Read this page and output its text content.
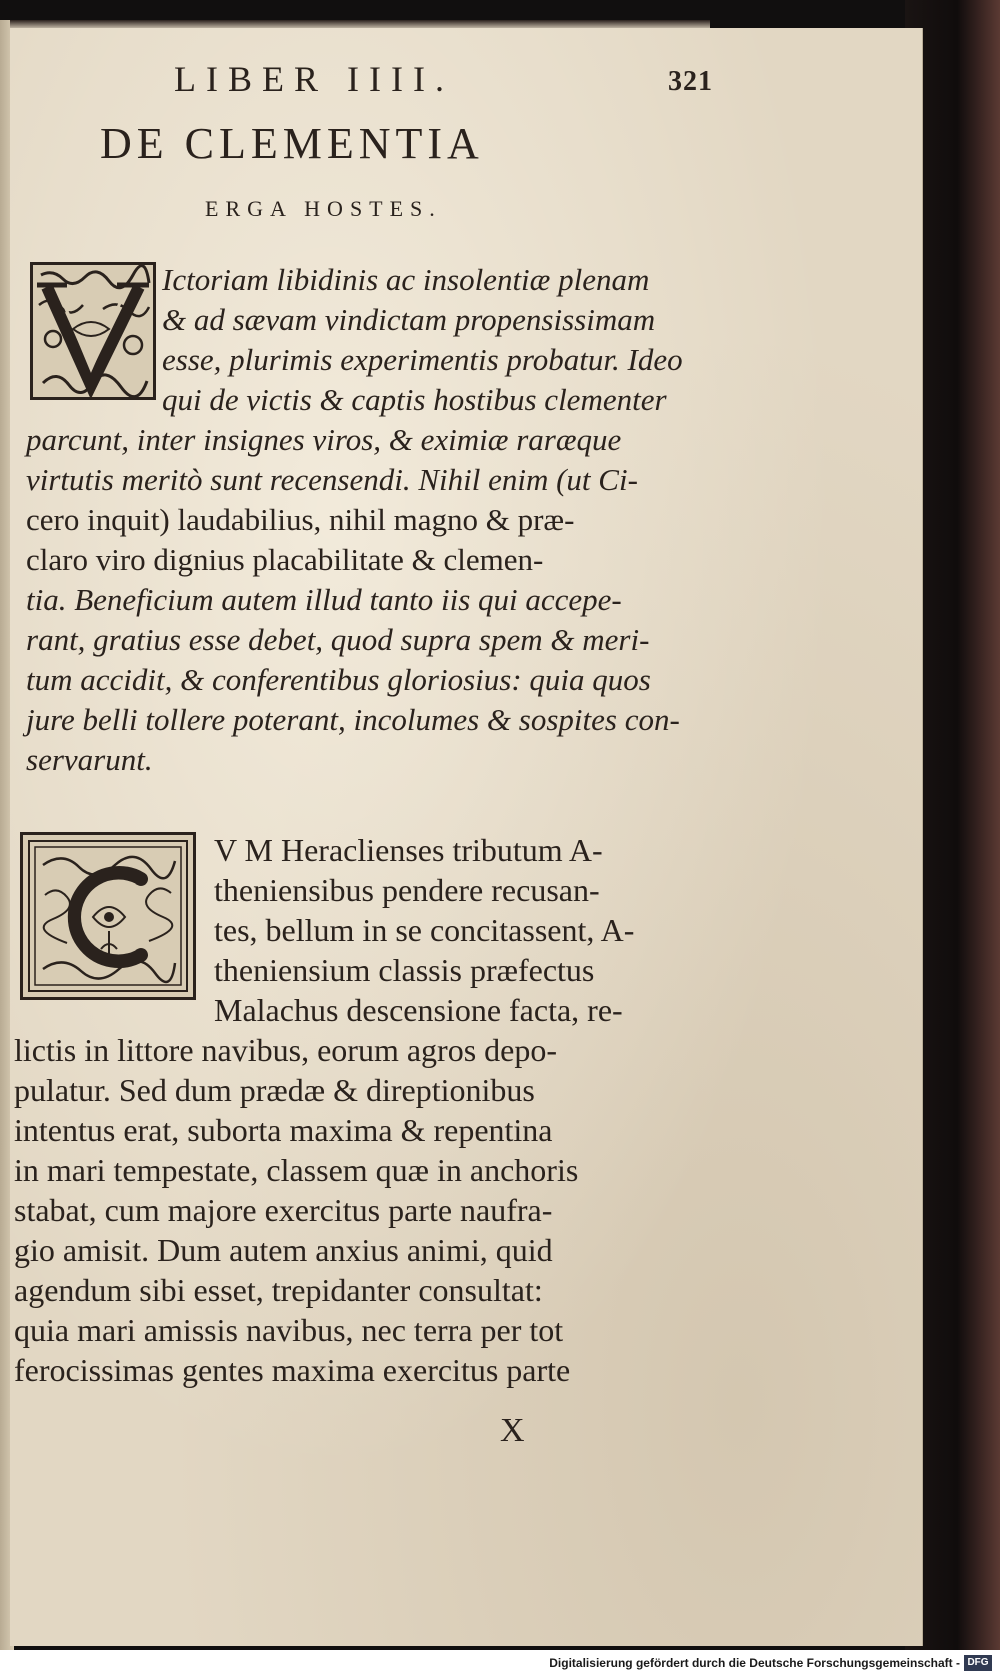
LIBER IIII.	321
DE CLEMENTIA
ERGA HOSTES.
Ictoriam libidinis ac insolentiæ plenam
& ad sævam vindictam propensissimam
esse, plurimis experimentis probatur. Ideo
qui de victis & captis hostibus clementer
parcunt, inter insignes viros, & eximiæ raræque
virtutis meritò sunt recensendi. Nihil enim (ut Ci-
cero inquit) laudabilius, nihil magno & præ-
claro viro dignius placabilitate & clemen-
tia. Beneficium autem illud tanto iis qui accepe-
rant, gratius esse debet, quod supra spem & meri-
tum accidit, & conferentibus gloriosius: quia quos
jure belli tollere poterant, incolumes & sospites con-
servarunt.
V M Heraclienses tributum A-
theniensibus pendere recusan-
tes, bellum in se concitassent, A-
theniensium classis præfectus
Malachus descensione facta, re-
lictis in littore navibus, eorum agros depo-
pulatur. Sed dum prædæ & direptionibus
intentus erat, suborta maxima & repentina
in mari tempestate, classem quæ in anchoris
stabat, cum majore exercitus parte naufra-
gio amisit. Dum autem anxius animi, quid
agendum sibi esset, trepidanter consultat:
quia mari amissis navibus, nec terra per tot
ferocissimas gentes maxima exercitus parte
X
Digitalisierung gefördert durch die Deutsche Forschungsgemeinschaft - DFG
